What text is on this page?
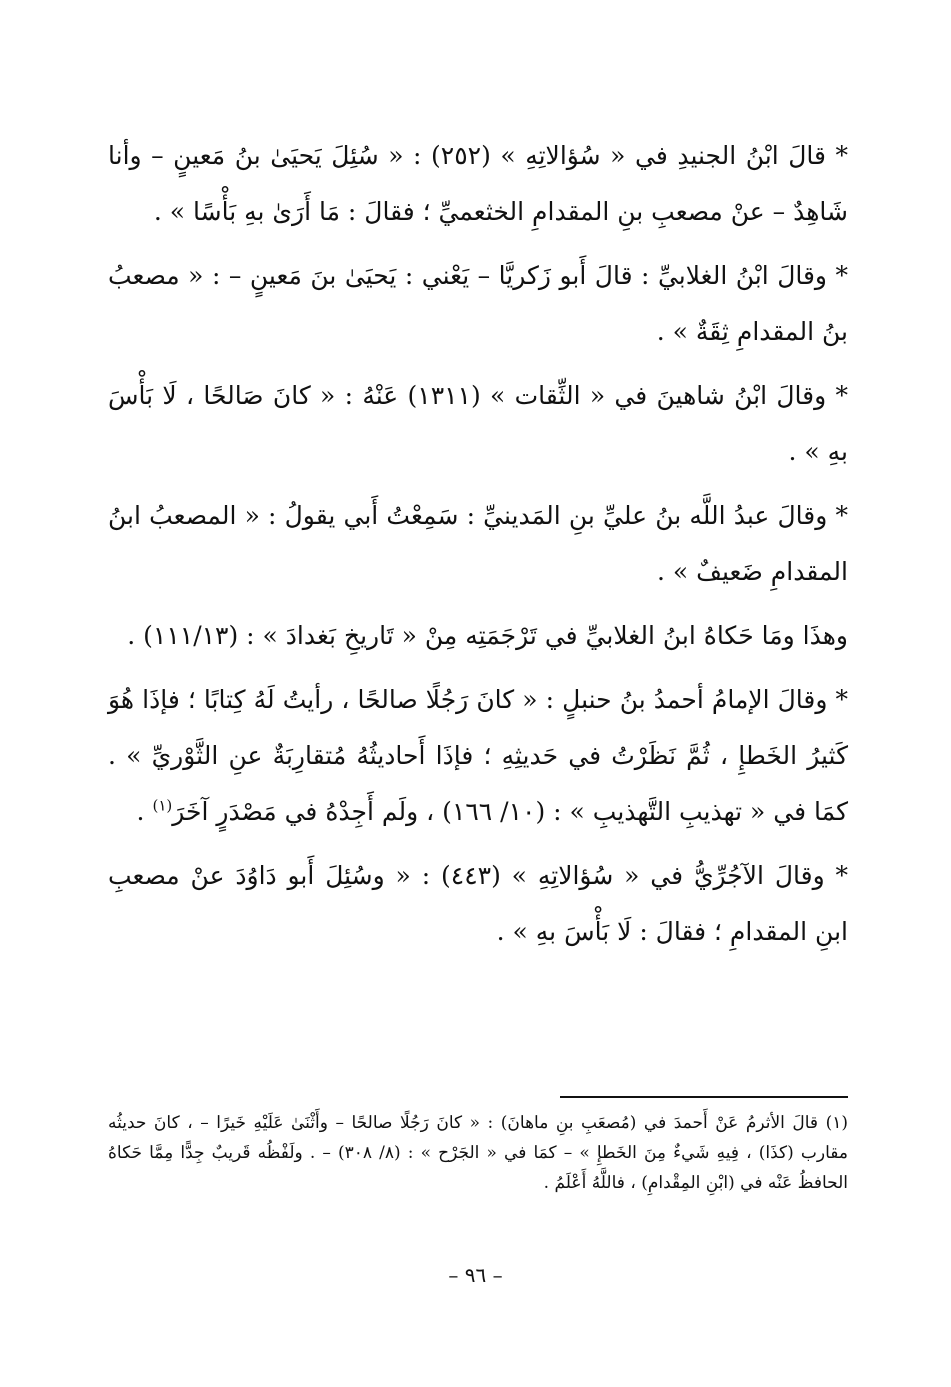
* قالَ ابْنُ الجنيدِ في « سُؤالاتِهِ » (٢٥٢) : « سُئِلَ يَحيَىٰ بنُ مَعينٍ – وأنا شَاهِدٌ – عنْ مصعبِ بنِ المقدامِ الخثعميِّ ؛ فقالَ : مَا أَرَىٰ بهِ بَأْسًا » .

* وقالَ ابْنُ الغلابيِّ : قالَ أَبو زَكريَّا – يَعْني : يَحيَىٰ بنَ مَعينٍ – : « مصعبُ بنُ المقدامِ ثِقَةٌ » .

* وقالَ ابْنُ شاهينَ في « الثِّقات » (١٣١١) عَنْهُ : « كانَ صَالحًا ، لَا بَأْسَ بهِ » .

* وقالَ عبدُ اللَّه بنُ عليِّ بنِ المَدينيِّ : سَمِعْتُ أَبي يقولُ : « المصعبُ ابنُ المقدامِ ضَعيفٌ » .

وهذَا ومَا حَكاهُ ابنُ الغلابيِّ في تَرْجَمَتِه مِنْ « تَاريخِ بَغدادَ » : (١١١/١٣) .

* وقالَ الإمامُ أحمدُ بنُ حنبلٍ : « كانَ رَجُلًا صالحًا ، رأيتُ لَهُ كِتابًا ؛ فإذَا هُوَ كَثيرُ الخَطإِ ، ثُمَّ نَظَرْتُ في حَديثِهِ ؛ فإذَا أَحاديثُهُ مُتقارِبَةٌ عنِ الثَّوْريِّ » . كمَا في « تهذيبِ التَّهذيبِ » : (١٠/ ١٦٦) ، ولَم أَجِدْهُ في مَصْدَرٍ آخَرَ$^{(١)}$ .

* وقالَ الآجُرِّيُّ في « سُؤالاتِهِ » (٤٤٣) : « وسُئِلَ أَبو دَاوُدَ عنْ مصعبِ ابنِ المقدامِ ؛ فقالَ : لَا بَأْسَ بهِ » .

(١) قالَ الأثرمُ عَنْ أَحمدَ في (مُصعَبِ بنِ ماهانَ) : « كانَ رَجُلًا صالحًا – وأَثْنَىٰ عَلَيْهِ خَيرًا – ، كانَ حديثُه مقارب (كذَا) ، فِيهِ شَيءٌ مِنَ الخَطإِ » – كمَا في « الجَرْح » : (٨/ ٣٠٨) – . ولَفْظُه قَريبٌ جِدًّا مِمَّا حَكاهُ الحافظُ عَنْه في (ابْنِ المِقْدامِ) ، فاللَّهُ أَعْلَمُ .

– ٩٦ –
